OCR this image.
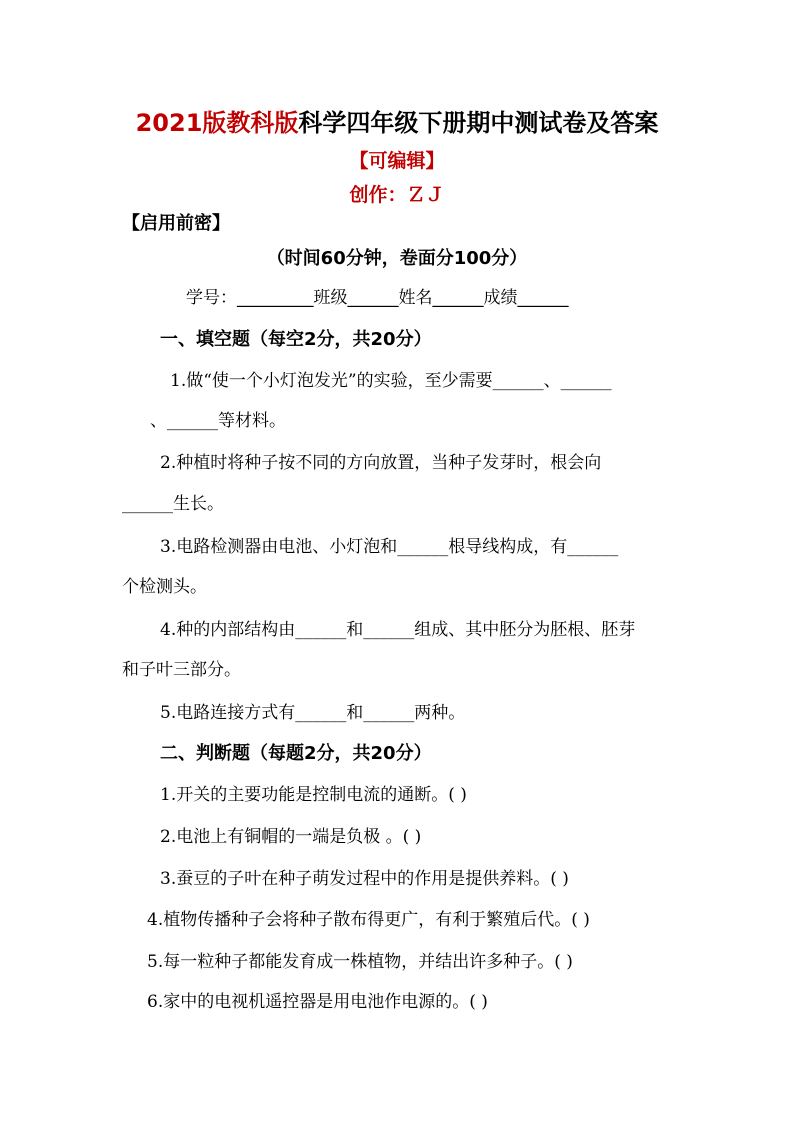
2021版教科版科学四年级下册期中测试卷及答案
【可编辑】
创作：ＺＪ
【启用前密】
（时间60分钟，卷面分100分）
学号：_________班级______姓名______成绩______
一、填空题（每空2分，共20分）
1.做“使一个小灯泡发光”的实验，至少需要______、______
、______等材料。
2.种植时将种子按不同的方向放置，当种子发芽时，根会向
______生长。
3.电路检测器由电池、小灯泡和______根导线构成，有______
个检测头。
4.种的内部结构由______和______组成、其中胚分为胚根、胚芽
和子叶三部分。
5.电路连接方式有______和______两种。
二、判断题（每题2分，共20分）
1.开关的主要功能是控制电流的通断。( )
2.电池上有铜帽的一端是负极 。( )
3.蚕豆的子叶在种子萌发过程中的作用是提供养料。( )
4.植物传播种子会将种子散布得更广，有利于繁殖后代。( )
5.每一粒种子都能发育成一株植物，并结出许多种子。( )
6.家中的电视机遥控器是用电池作电源的。( )
